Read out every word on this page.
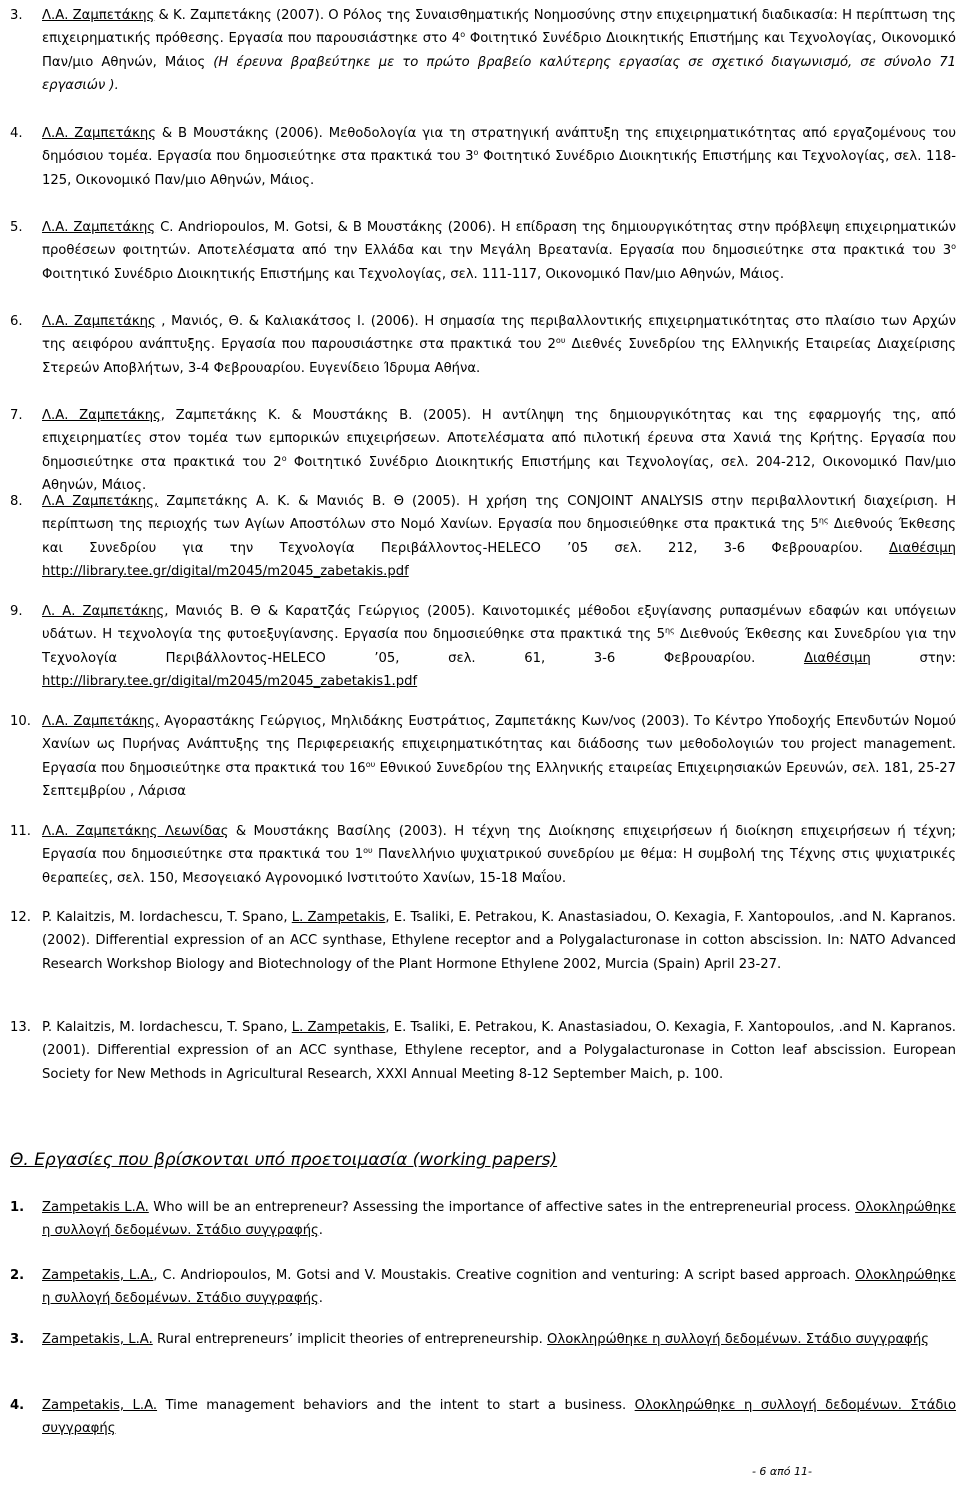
3. Λ.Α. Ζαμπετάκης & Κ. Ζαμπετάκης (2007). Ο Ρόλος της Συναισθηματικής Νοημοσύνης στην επιχειρηματική διαδικασία: Η περίπτωση της επιχειρηματικής πρόθεσης. Εργασία που παρουσιάστηκε στο $4^o$ Φοιτητικό Συνέδριο Διοικητικής Επιστήμης και Τεχνολογίας, Οικονομικό Παν/μιο Αθηνών, Μάιος (Η έρευνα βραβεύτηκε με το πρώτο βραβείο καλύτερης εργασίας σε σχετικό διαγωνισμό, σε σύνολο 71 εργασιών ).
4. Λ.Α. Ζαμπετάκης & Β Μουστάκης (2006). Μεθοδολογία για τη στρατηγική ανάπτυξη της επιχειρηματικότητας από εργαζομένους του δημόσιου τομέα. Εργασία που δημοσιεύτηκε στα πρακτικά του $3^o$ Φοιτητικό Συνέδριο Διοικητικής Επιστήμης και Τεχνολογίας, σελ. 118-125, Οικονομικό Παν/μιο Αθηνών, Μάιος.
5. Λ.Α. Ζαμπετάκης C. Andriopoulos, M. Gotsi, & Β Μουστάκης (2006). Η επίδραση της δημιουργικότητας στην πρόβλεψη επιχειρηματικών προθέσεων φοιτητών. Αποτελέσματα από την Ελλάδα και την Μεγάλη Βρεατανία. Εργασία που δημοσιεύτηκε στα πρακτικά του $3^o$ Φοιτητικό Συνέδριο Διοικητικής Επιστήμης και Τεχνολογίας, σελ. 111-117, Οικονομικό Παν/μιο Αθηνών, Μάιος.
6. Λ.Α. Ζαμπετάκης , Μανιός, Θ. & Καλιακάτσος Ι. (2006). Η σημασία της περιβαλλοντικής επιχειρηματικότητας στο πλαίσιο των Αρχών της αειφόρου ανάπτυξης. Εργασία που παρουσιάστηκε στα πρακτικά του $2^{o\upsilon}$ Διεθνές Συνεδρίου της Ελληνικής Εταιρείας Διαχείρισης Στερεών Αποβλήτων, 3-4 Φεβρουαρίου. Ευγενίδειο Ίδρυμα Αθήνα.
7. Λ.Α. Ζαμπετάκης, Ζαμπετάκης Κ. & Μουστάκης Β. (2005). Η αντίληψη της δημιουργικότητας και της εφαρμογής της, από επιχειρηματίες στον τομέα των εμπορικών επιχειρήσεων. Αποτελέσματα από πιλοτική έρευνα στα Χανιά της Κρήτης. Εργασία που δημοσιεύτηκε στα πρακτικά του $2^o$ Φοιτητικό Συνέδριο Διοικητικής Επιστήμης και Τεχνολογίας, σελ. 204-212, Οικονομικό Παν/μιο Αθηνών, Μάιος.
8. Λ.Α Ζαμπετάκης, Ζαμπετάκης Α. Κ. & Μανιός Β. Θ (2005). Η χρήση της CONJOINT ANALYSIS στην περιβαλλοντική διαχείριση. Η περίπτωση της περιοχής των Αγίων Αποστόλων στο Νομό Χανίων. Εργασία που δημοσιεύθηκε στα πρακτικά της $5^{\eta\varsigma}$ Διεθνούς Έκθεσης και Συνεδρίου για την Τεχνολογία Περιβάλλοντος-HELECO ’05 σελ. 212, 3-6 Φεβρουαρίου. Διαθέσιμη http://library.tee.gr/digital/m2045/m2045_zabetakis.pdf
9. Λ. Α. Ζαμπετάκης, Μανιός Β. Θ & Καρατζάς Γεώργιος (2005). Καινοτομικές μέθοδοι εξυγίανσης ρυπασμένων εδαφών και υπόγειων υδάτων. Η τεχνολογία της φυτοεξυγίανσης. Εργασία που δημοσιεύθηκε στα πρακτικά της $5^{\eta\varsigma}$ Διεθνούς Έκθεσης και Συνεδρίου για την Τεχνολογία Περιβάλλοντος-HELECO ’05, σελ. 61, 3-6 Φεβρουαρίου. Διαθέσιμη στην: http://library.tee.gr/digital/m2045/m2045_zabetakis1.pdf
10. Λ.Α. Ζαμπετάκης, Αγοραστάκης Γεώργιος, Μηλιδάκης Ευστράτιος, Ζαμπετάκης Κων/νος (2003). Το Κέντρο Υποδοχής Επενδυτών Νομού Χανίων ως Πυρήνας Ανάπτυξης της Περιφερειακής επιχειρηματικότητας και διάδοσης των μεθοδολογιών του project management. Εργασία που δημοσιεύτηκε στα πρακτικά του $16^{o\upsilon}$ Εθνικού Συνεδρίου της Ελληνικής εταιρείας Επιχειρησιακών Ερευνών, σελ. 181, 25-27 Σεπτεμβρίου , Λάρισα
11. Λ.Α. Ζαμπετάκης Λεωνίδας & Μουστάκης Βασίλης (2003). Η τέχνη της Διοίκησης επιχειρήσεων ή διοίκηση επιχειρήσεων ή τέχνη; Εργασία που δημοσιεύτηκε στα πρακτικά του $1^{o\upsilon}$ Πανελλήνιο ψυχιατρικού συνεδρίου με θέμα: Η συμβολή της Τέχνης στις ψυχιατρικές θεραπείες, σελ. 150, Μεσογειακό Αγρονομικό Ινστιτούτο Χανίων, 15-18 Μαΐου.
12. P. Kalaitzis, M. Iordachescu, T. Spano, L. Zampetakis, E. Tsaliki, E. Petrakou, K. Anastasiadou, O. Kexagia, F. Xantopoulos, .and N. Kapranos. (2002). Differential expression of an ACC synthase, Ethylene receptor and a Polygalacturonase in cotton abscission. In: NATO Advanced Research Workshop Biology and Biotechnology of the Plant Hormone Ethylene 2002, Murcia (Spain) April 23-27.
13. P. Kalaitzis, M. Iordachescu, T. Spano, L. Zampetakis, E. Tsaliki, E. Petrakou, K. Anastasiadou, O. Kexagia, F. Xantopoulos, .and N. Kapranos. (2001). Differential expression of an ACC synthase, Ethylene receptor, and a Polygalacturonase in Cotton leaf abscission. European Society for New Methods in Agricultural Research, XXXI Annual Meeting 8-12 September Maich, p. 100.
Θ. Εργασίες που βρίσκονται υπό προετοιμασία (working papers)
1. Zampetakis L.A. Who will be an entrepreneur? Assessing the importance of affective sates in the entrepreneurial process. Ολοκληρώθηκε η συλλογή δεδομένων. Στάδιο συγγραφής.
2. Zampetakis, L.A., C. Andriopoulos, M. Gotsi and V. Moustakis. Creative cognition and venturing: A script based approach. Ολοκληρώθηκε η συλλογή δεδομένων. Στάδιο συγγραφής.
3. Zampetakis, L.A. Rural entrepreneurs’ implicit theories of entrepreneurship. Ολοκληρώθηκε η συλλογή δεδομένων. Στάδιο συγγραφής
4. Zampetakis, L.A. Time management behaviors and the intent to start a business. Ολοκληρώθηκε η συλλογή δεδομένων. Στάδιο συγγραφής
- 6 από 11-
